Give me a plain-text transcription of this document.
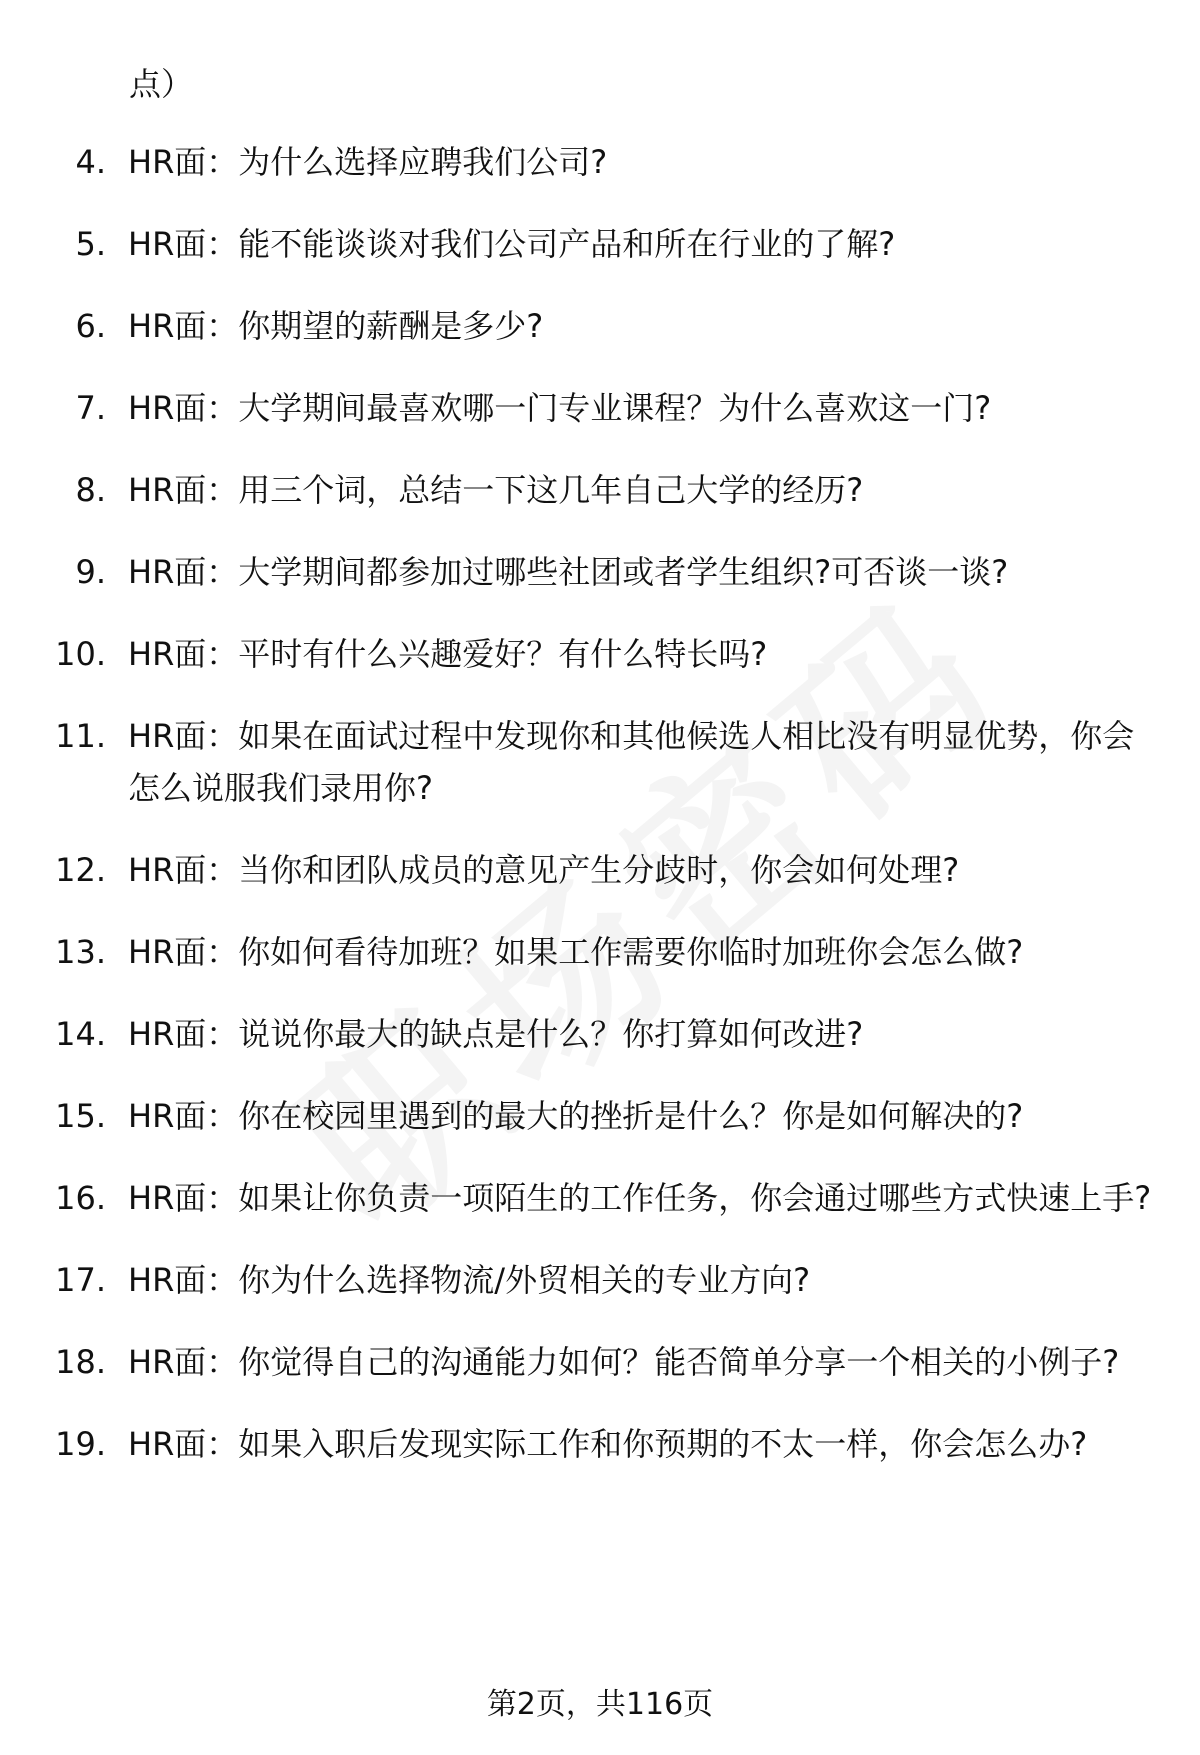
点）
4. HR面：为什么选择应聘我们公司?
5. HR面：能不能谈谈对我们公司产品和所在行业的了解?
6. HR面：你期望的薪酬是多少?
7. HR面：大学期间最喜欢哪一门专业课程？为什么喜欢这一门?
8. HR面：用三个词，总结一下这几年自己大学的经历?
9. HR面：大学期间都参加过哪些社团或者学生组织?可否谈一谈?
10. HR面：平时有什么兴趣爱好？有什么特长吗?
11. HR面：如果在面试过程中发现你和其他候选人相比没有明显优势，你会怎么说服我们录用你?
12. HR面：当你和团队成员的意见产生分歧时，你会如何处理?
13. HR面：你如何看待加班？如果工作需要你临时加班你会怎么做?
14. HR面：说说你最大的缺点是什么？你打算如何改进?
15. HR面：你在校园里遇到的最大的挫折是什么？你是如何解决的?
16. HR面：如果让你负责一项陌生的工作任务，你会通过哪些方式快速上手?
17. HR面：你为什么选择物流/外贸相关的专业方向?
18. HR面：你觉得自己的沟通能力如何？能否简单分享一个相关的小例子?
19. HR面：如果入职后发现实际工作和你预期的不太一样，你会怎么办?
第2页，共116页
